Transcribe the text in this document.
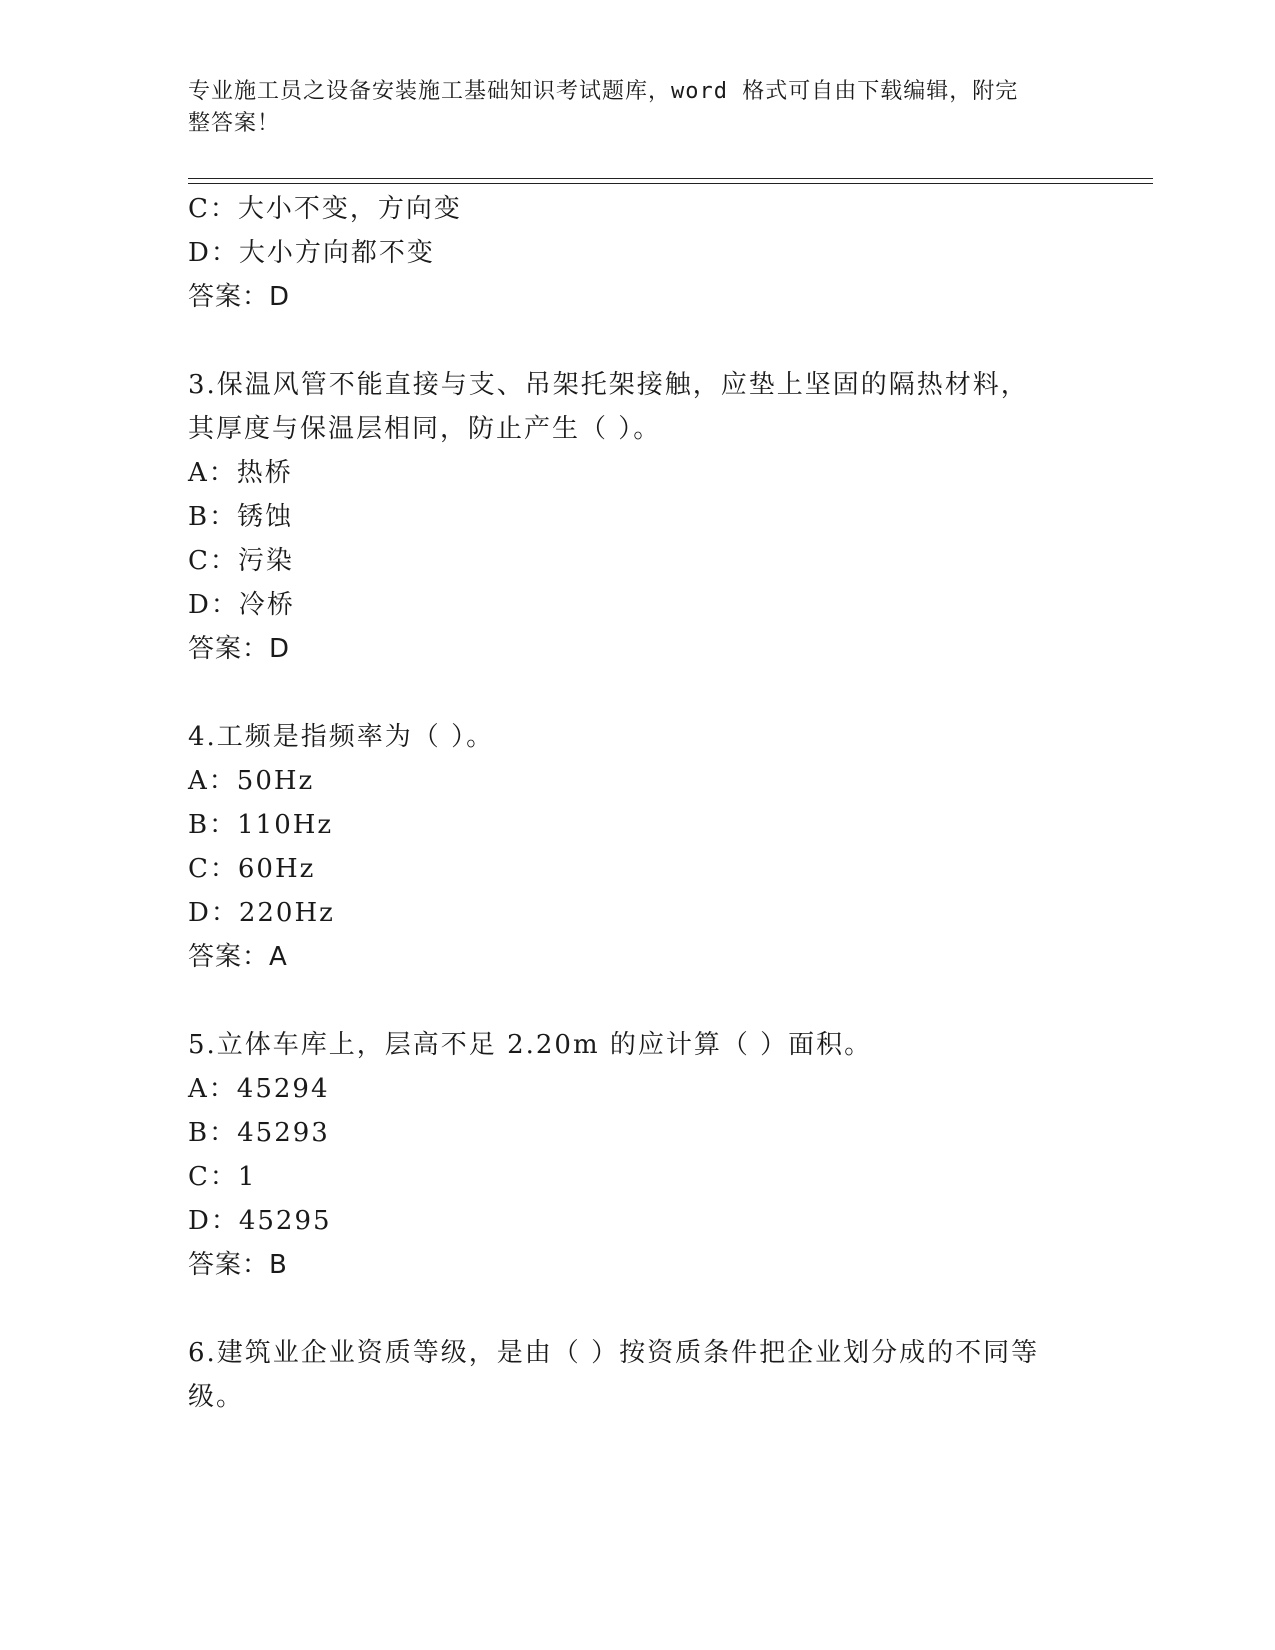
专业施工员之设备安装施工基础知识考试题库，word 格式可自由下载编辑，附完
整答案！
C：大小不变，方向变
D：大小方向都不变
答案：D
3.保温风管不能直接与支、吊架托架接触，应垫上坚固的隔热材料，
其厚度与保温层相同，防止产生（ ）。
A：热桥
B：锈蚀
C：污染
D：冷桥
答案：D
4.工频是指频率为（ ）。
A：50Hz
B：110Hz
C：60Hz
D：220Hz
答案：A
5.立体车库上，层高不足 2.20m 的应计算（ ）面积。
A：45294
B：45293
C：1
D：45295
答案：B
6.建筑业企业资质等级，是由（ ）按资质条件把企业划分成的不同等
级。
